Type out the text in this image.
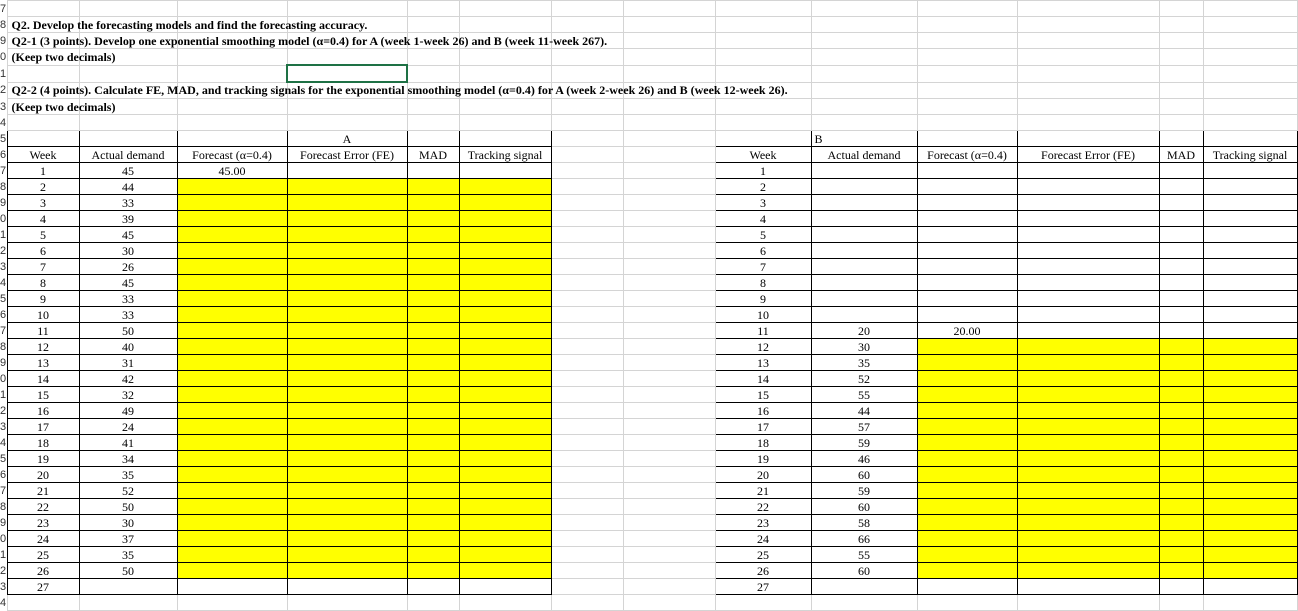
7														
8	Q2. Develop the forecasting models and find the forecasting accuracy.													
9	Q2-1 (3 points). Develop one exponential smoothing model (α=0.4) for A (week 1-week 26) and B (week 11-week 267).													
0	(Keep two decimals)													
1														
2	Q2-2 (4 points). Calculate FE, MAD, and tracking signals for the exponential smoothing model (α=0.4) for A (week 2-week 26) and B (week 12-week 26).													
3	(Keep two decimals)													
4														
5				A						B				
6	Week	Actual demand	Forecast (α=0.4)	Forecast Error (FE)	MAD	Tracking signal			Week	Actual demand	Forecast (α=0.4)	Forecast Error (FE)	MAD	Tracking signal
7	1	45	45.00						1					
8	2	44							2					
9	3	33							3					
0	4	39							4					
1	5	45							5					
2	6	30							6					
3	7	26							7					
4	8	45							8					
5	9	33							9					
6	10	33							10					
7	11	50							11	20	20.00			
8	12	40							12	30				
9	13	31							13	35				
0	14	42							14	52				
1	15	32							15	55				
2	16	49							16	44				
3	17	24							17	57				
4	18	41							18	59				
5	19	34							19	46				
6	20	35							20	60				
7	21	52							21	59				
8	22	50							22	60				
9	23	30							23	58				
0	24	37							24	66				
1	25	35							25	55				
2	26	50							26	60				
3	27								27					
4														
